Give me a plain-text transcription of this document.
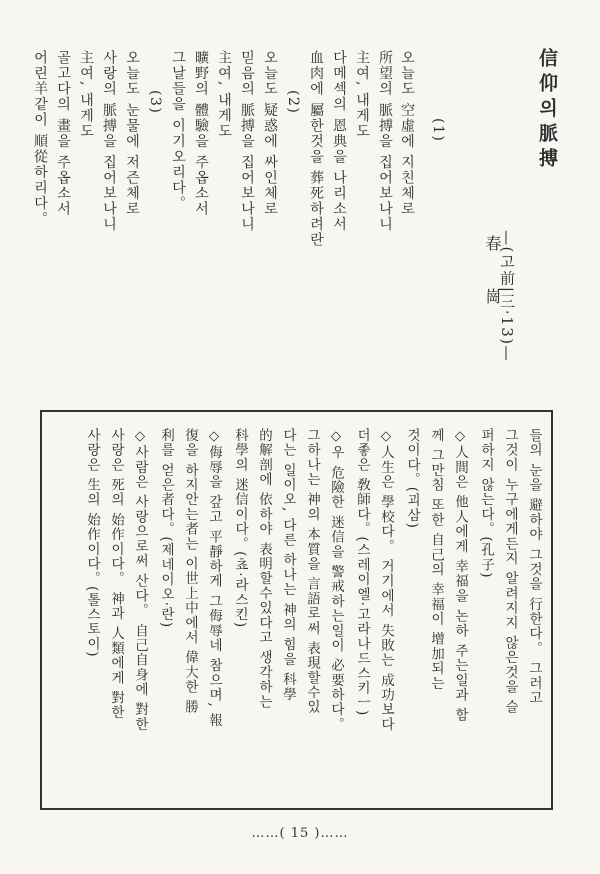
信仰의脈搏
—(고前|三‧13)—
春 崗
(1)
오늘도 空虛에 지친체로
所望의 脈搏을 집어보나니
主여, 내게도
다메섹의 恩典을 나리소서
血肉에 屬한것을 葬死하려란
(2)
오늘도 疑惑에 싸인체로
믿음의 脈搏을 집어보나니
主여, 내게도
曠野의 體驗을 주옵소서
그날들을 이기오리다。
(3)
오늘도 눈물에 저즌체로
사랑의 脈搏을 집어보나니
主여, 내게도
골고다의 畫을 주옵소서
어린羊같이 順從하리다。
들의 눈을 避하야 그것을 行한다。 그러고
그것이 누구에게든지 알려지지 않은것을 슬
퍼하지 않는다。(孔子)
◇人間은 他人에게 幸福을 논하 주는일과 함
께 그만침 또한 自己의 幸福이 增加되는
것이다。(괴삼)
◇人生은 學校다。 거기에서 失敗는 成功보다
더좋은 敎師다。(스레이엘‧고라나드스키ㅡ)
◇우 危險한 迷信을 警戒하는일이 必要하다。
그하나는 神의 本質을 言語로써 表現할수있
다는 일이오, 다른 하나는 神의 힘을 科學
的解剖에 依하야 表明할수있다고 생각하는
科學의 迷信이다。(쵸‧라스킨)
◇侮辱을 갚고 平靜하게 그侮辱네 참으며, 報
復을 하지안는者는 이世上中에서 偉大한 勝
利를 얻은者다。(제네이오‧란)
◇사람은 사랑으로써 산다。 自己自身에 對한
사랑은 死의 始作이다。 神과 人類에게 對한
사랑은 生의 始作이다。(톨스토이)
……( 15 )……
